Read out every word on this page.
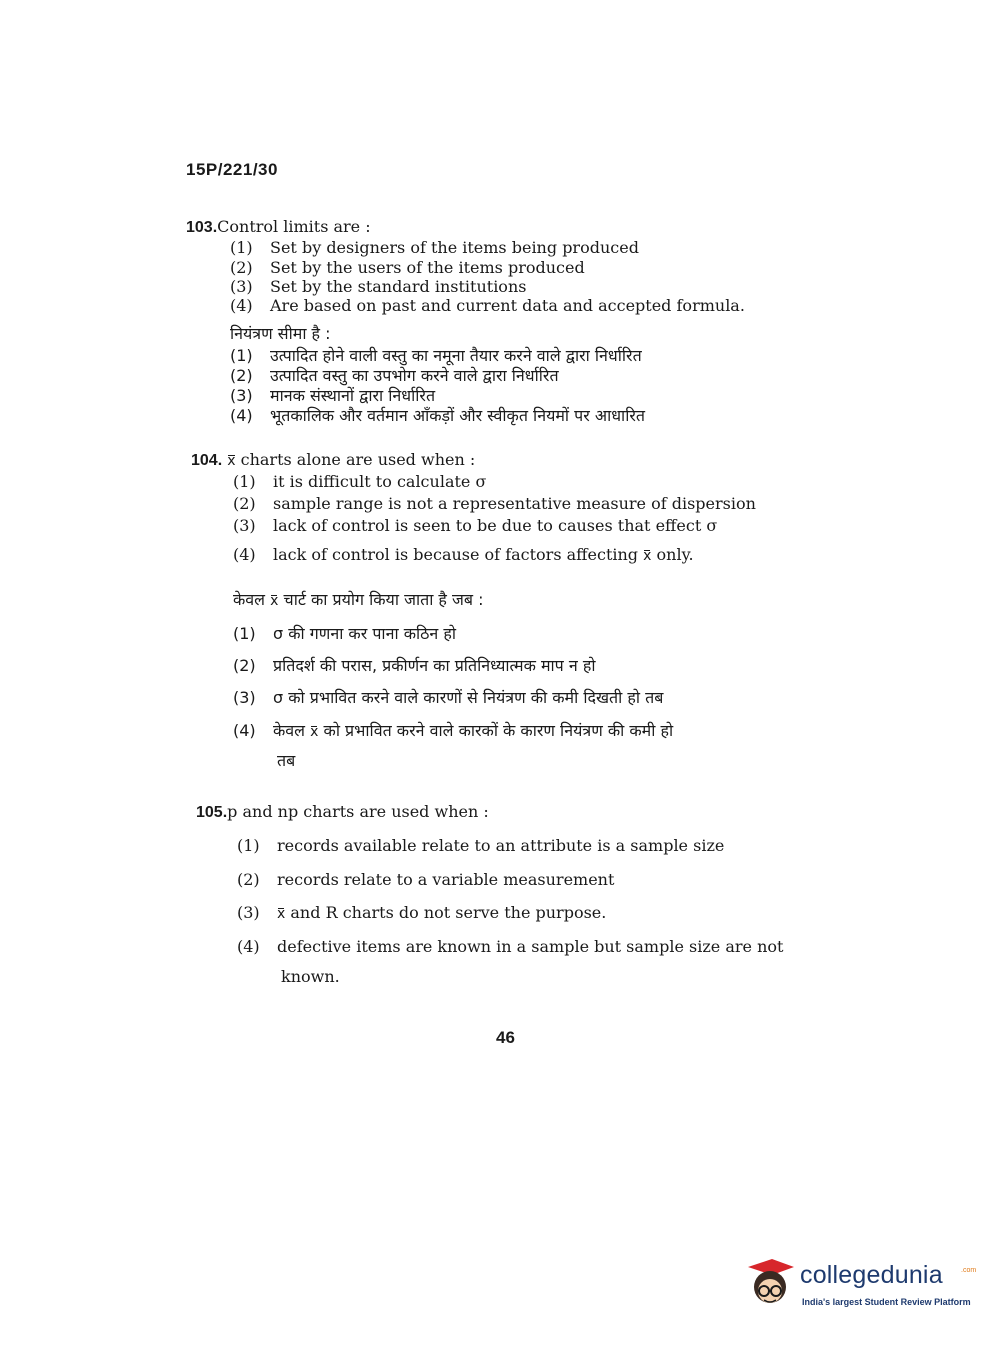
15P/221/30
103.Control limits are :
(1) Set by designers of the items being produced
(2) Set by the users of the items produced
(3) Set by the standard institutions
(4) Are based on past and current data and accepted formula.
नियंत्रण सीमा है :
(1) उत्पादित होने वाली वस्तु का नमूना तैयार करने वाले द्वारा निर्धारित
(2) उत्पादित वस्तु का उपभोग करने वाले द्वारा निर्धारित
(3) मानक संस्थानों द्वारा निर्धारित
(4) भूतकालिक और वर्तमान आँकड़ों और स्वीकृत नियमों पर आधारित
104. x charts alone are used when :
(1) it is difficult to calculate σ
(2) sample range is not a representative measure of dispersion
(3) lack of control is seen to be due to causes that effect σ
(4) lack of control is because of factors affecting x only.
केवल x चार्ट का प्रयोग किया जाता है जब :
(1) σ की गणना कर पाना कठिन हो
(2) प्रतिदर्श की परास, प्रकीर्णन का प्रतिनिध्यात्मक माप न हो
(3) σ को प्रभावित करने वाले कारणों से नियंत्रण की कमी दिखती हो तब
(4) केवल x को प्रभावित करने वाले कारकों के कारण नियंत्रण की कमी हो
तब
105.p and np charts are used when :
(1) records available relate to an attribute is a sample size
(2) records relate to a variable measurement
(3) x and R charts do not serve the purpose.
(4) defective items are known in a sample but sample size are not
known.
46
collegedunia	.com
India's largest Student Review Platform
